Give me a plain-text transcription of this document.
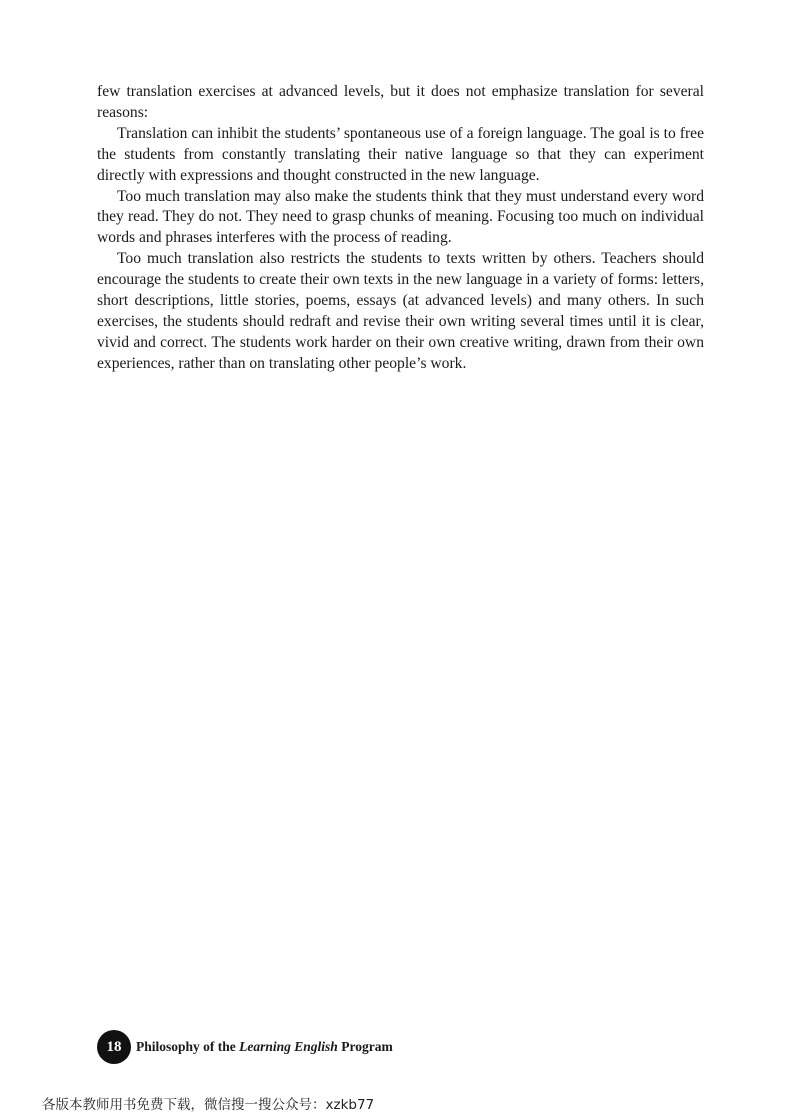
few translation exercises at advanced levels, but it does not emphasize translation for several reasons:

Translation can inhibit the students’ spontaneous use of a foreign language. The goal is to free the students from constantly translating their native language so that they can experiment directly with expressions and thought constructed in the new language.

Too much translation may also make the students think that they must understand every word they read. They do not. They need to grasp chunks of meaning. Focusing too much on individual words and phrases interferes with the process of reading.

Too much translation also restricts the students to texts written by others. Teachers should encourage the students to create their own texts in the new language in a variety of forms: letters, short descriptions, little stories, poems, essays (at advanced levels) and many others. In such exercises, the students should redraft and revise their own writing several times until it is clear, vivid and correct. The students work harder on their own creative writing, drawn from their own experiences, rather than on translating other people’s work.

18	Philosophy of the Learning English Program
各版本教师用书免费下载，微信搜一搜公众号：xzkb77
